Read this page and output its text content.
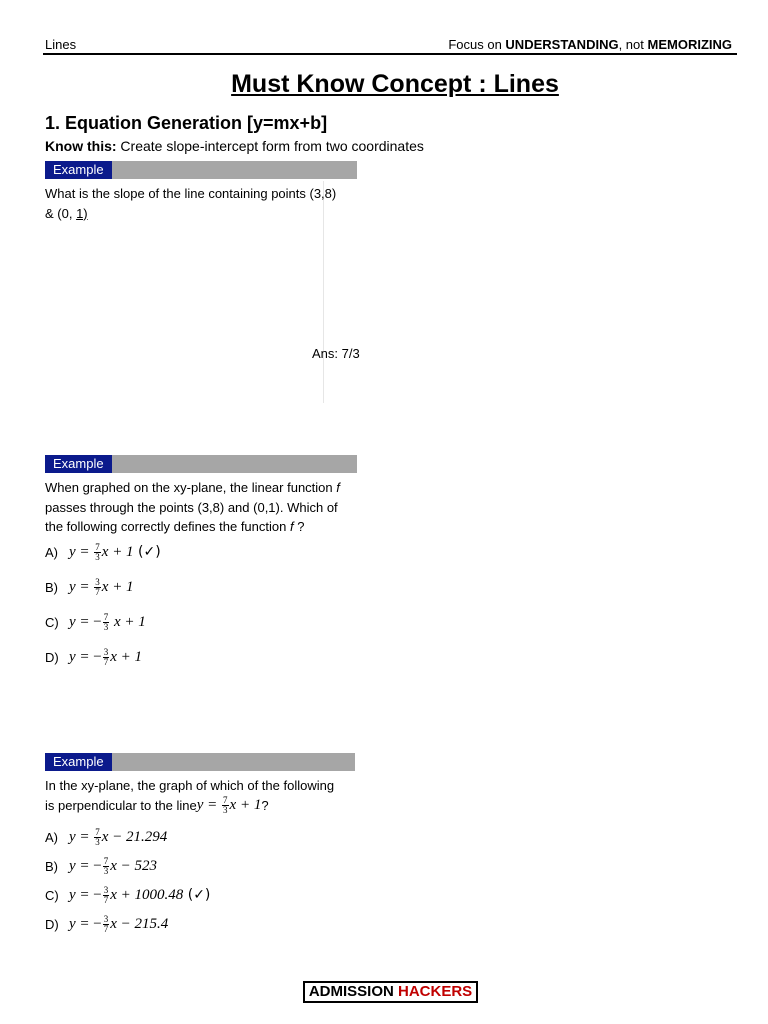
Lines	Focus on UNDERSTANDING, not MEMORIZING
Must Know Concept : Lines
1. Equation Generation [y=mx+b]
Know this: Create slope-intercept form from two coordinates
Example
What is the slope of the line containing points (3,8)
& (0, 1)
Ans: 7/3
Example
When graphed on the xy-plane, the linear function f
passes through the points (3,8) and (0,1). Which of
the following correctly defines the function f ?
A) $y = \frac{7}{3}$ x + 1 (✓)
B) $y = \frac{3}{7}$ x + 1
C) y = − $\frac{7}{3}$ x + 1
D) y = − $\frac{3}{7}$ x + 1
Example
In the xy-plane, the graph of which of the following
is perpendicular to the line $y = \frac{7}{3}$ x + 1 ?
A) $y = \frac{7}{3}$ x − 21.294
B) y = − $\frac{7}{3}$ x − 523
C) y = − $\frac{3}{7}$ x + 1000.48 (✓)
D) y = − $\frac{3}{7}$ x − 215.4
ADMISSION HACKERS
